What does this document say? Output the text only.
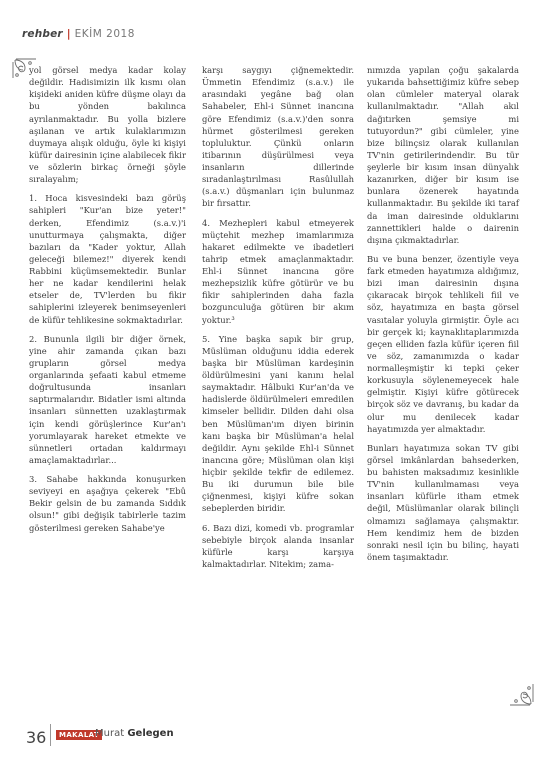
rehber | EKİM 2018

yol görsel medya kadar kolay değildir. Hadisimizin ilk kısmı olan kişideki aniden küfre düşme olayı da bu yönden bakılınca ayrılanmaktadır. Bu yolla bizlere aşılanan ve artık kulaklarımızın duymaya alışık olduğu, öyle ki kişiyi küfür dairesinin içine alabilecek fikir ve sözlerin birkaç örneği şöyle sıralayalım;

1. Hoca kisvesindeki bazı görüş sahipleri "Kur'an bize yeter!" derken, Efendimiz (s.a.v.)'i unutturmaya çalışmakta, diğer bazıları da "Kader yoktur, Allah geleceği bilemez!" diyerek kendi Rabbini küçümsemektedir. Bunlar her ne kadar kendilerini helak etseler de, TV'lerden bu fikir sahiplerini izleyerek benimseyenleri de küfür tehlikesine sokmaktadırlar.

2. Bununla ilgili bir diğer örnek, yine ahir zamanda çıkan bazı grupların görsel medya organlarında şefaati kabul etmeme doğrultusunda insanları saptırmalarıdır. Bidatler ismi altında insanları sünnetten uzaklaştırmak için kendi görüşlerince Kur'an'ı yorumlayarak hareket etmekte ve sünnetleri ortadan kaldırmayı amaçlamaktadırlar...

3. Sahabe hakkında konuşurken seviyeyi en aşağıya çekerek "Ebû Bekir gelsin de bu zamanda Sıddık olsun!" gibi değişik tabirlerle tazim gösterilmesi gereken Sahabe'ye

karşı saygıyı çiğnemektedir. Ümmetin Efendimiz (s.a.v.) ile arasındaki yegâne bağ olan Sahabeler, Ehl-i Sünnet inancına göre Efendimiz (s.a.v.)'den sonra hürmet gösterilmesi gereken topluluktur. Çünkü onların itibarının düşürülmesi veya insanların dillerinde sıradanlaştırılması Rasûlullah (s.a.v.) düşmanları için bulunmaz bir fırsattır.

4. Mezhepleri kabul etmeyerek müçtehit mezhep imamlarımıza hakaret edilmekte ve ibadetleri tahrip etmek amaçlanmaktadır. Ehl-i Sünnet inancına göre mezhepsizlik küfre götürür ve bu fikir sahiplerinden daha fazla bozgunculuğa götüren bir akım yoktur.³

5. Yine başka sapık bir grup, Müslüman olduğunu iddia ederek başka bir Müslüman kardeşinin öldürülmesini yani kanını helal saymaktadır. Hâlbuki Kur'an'da ve hadislerde öldürülmeleri emredilen kimseler bellidir. Dilden dahi olsa ben Müslüman'ım diyen birinin kanı başka bir Müslüman'a helal değildir. Aynı şekilde Ehl-i Sünnet inancına göre; Müslüman olan kişi hiçbir şekilde tekfir de edilemez. Bu iki durumun bile bile çiğnenmesi, kişiyi küfre sokan sebeplerden biridir.

6. Bazı dizi, komedi vb. programlar sebebiyle birçok alanda insanlar küfürle karşı karşıya kalmaktadırlar. Nitekim; zama-

nımızda yapılan çoğu şakalarda yukarıda bahsettiğimiz küfre sebep olan cümleler materyal olarak kullanılmaktadır. "Allah akıl dağıtırken şemsiye mi tutuyordun?" gibi cümleler, yine bize bilinçsiz olarak kullanılan TV'nin getirilerindendir. Bu tür şeylerle bir kısım insan dünyalık kazanırken, diğer bir kısım ise bunlara özenerek hayatında kullanmaktadır. Bu şekilde iki taraf da iman dairesinde olduklarını zannettikleri halde o dairenin dışına çıkmaktadırlar.

Bu ve buna benzer, özentiyle veya fark etmeden hayatımıza aldığımız, bizi iman dairesinin dışına çıkaracak birçok tehlikeli fiil ve söz, hayatımıza en başta görsel vasıtalar yoluyla girmiştir. Öyle acı bir gerçek ki; kaynaklıtaplarımızda geçen elliden fazla küfür içeren fiil ve söz, zamanımızda o kadar normalleşmiştir ki tepki çeker korkusuyla söylenemeyecek hale gelmiştir. Kişiyi küfre götürecek birçok söz ve davranış, bu kadar da olur mu denilecek kadar hayatımızda yer almaktadır.

Bunları hayatımıza sokan TV gibi görsel imkânlardan bahsederken, bu bahisten maksadımız kesinlikle TV'nin kullanılmaması veya insanları küfürle itham etmek değil, Müslümanlar olarak bilinçli olmamızı sağlamaya çalışmaktır. Hem kendimiz hem de bizden sonraki nesil için bu bilinç, hayati önem taşımaktadır.

36	MAKALAT
Murat Gelegen
